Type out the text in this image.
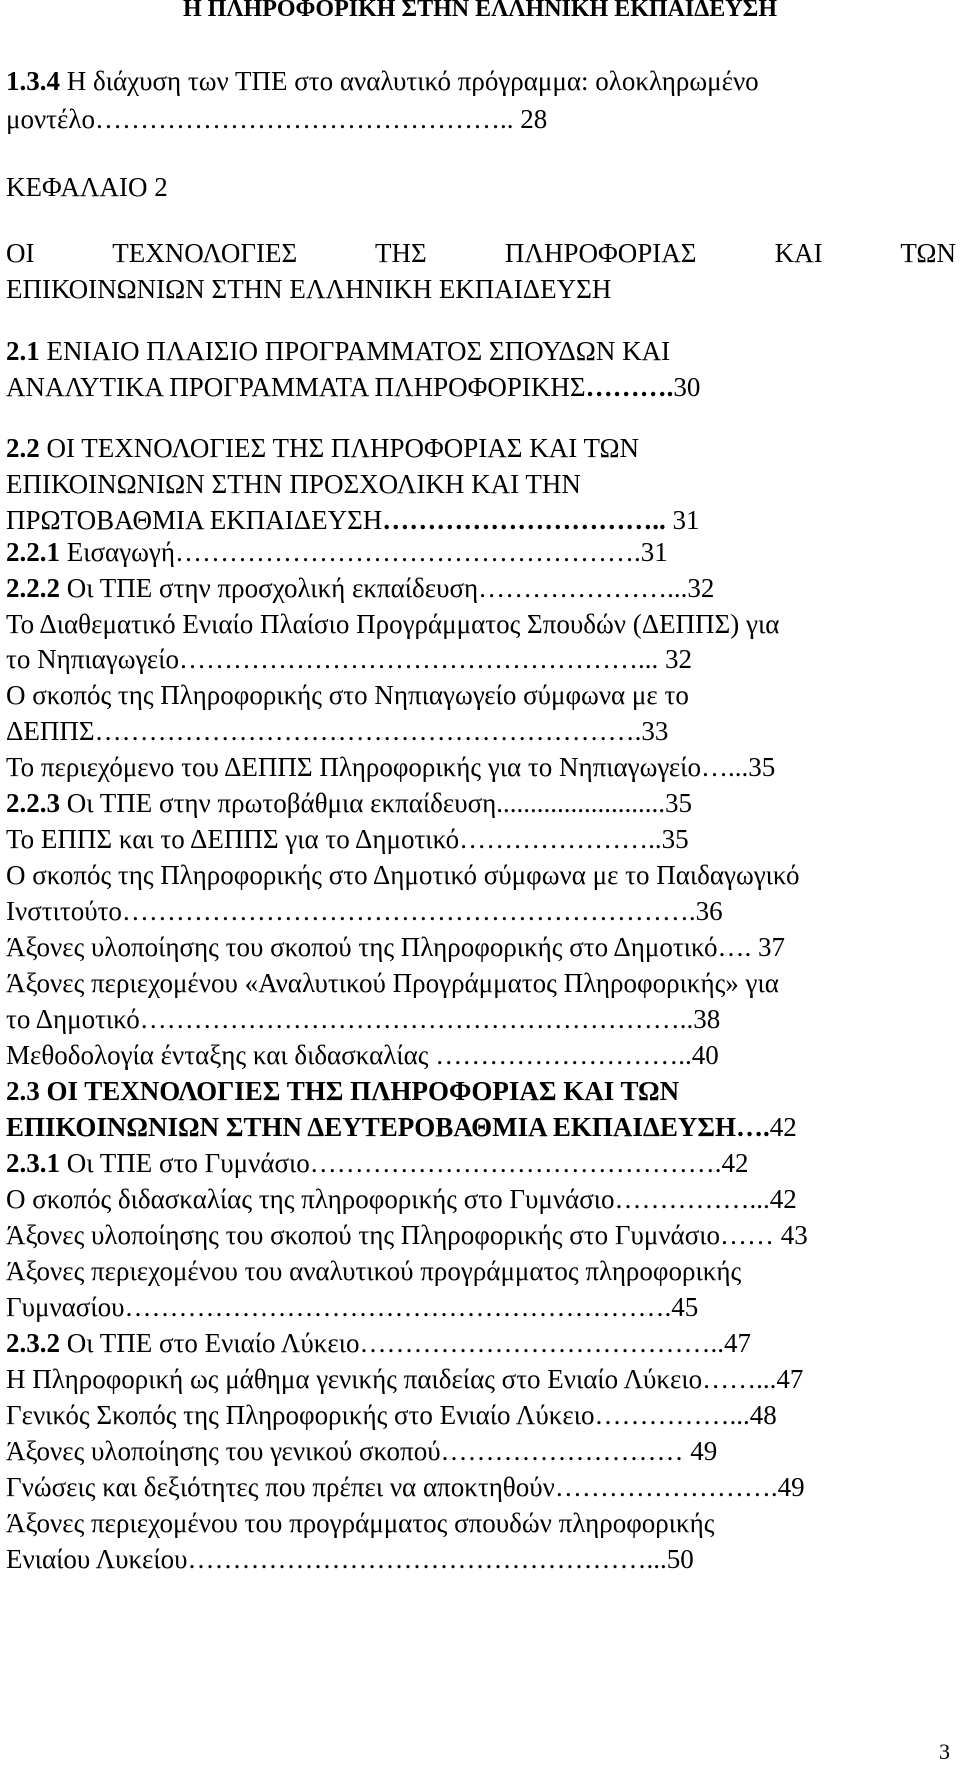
Η ΠΛΗΡΟΦΟΡΙΚΗ ΣΤΗΝ ΕΛΛΗΝΙΚΗ ΕΚΠΑΙΔΕΥΣΗ
1.3.4 Η διάχυση των ΤΠΕ στο αναλυτικό πρόγραμμα: ολοκληρωμένο
μοντέλο……………………………………….. 28
ΚΕΦΑΛΑΙΟ 2
ΟΙ ΤΕΧΝΟΛΟΓΙΕΣ ΤΗΣ ΠΛΗΡΟΦΟΡΙΑΣ ΚΑΙ ΤΩΝ
ΕΠΙΚΟΙΝΩΝΙΩΝ ΣΤΗΝ ΕΛΛΗΝΙΚΗ ΕΚΠΑΙΔΕΥΣΗ
2.1 ΕΝΙΑΙΟ ΠΛΑΙΣΙΟ ΠΡΟΓΡΑΜΜΑΤΟΣ ΣΠΟΥΔΩΝ ΚΑΙ
ΑΝΑΛΥΤΙΚΑ ΠΡΟΓΡΑΜΜΑΤΑ ΠΛΗΡΟΦΟΡΙΚΗΣ……….30
2.2 ΟΙ ΤΕΧΝΟΛΟΓΙΕΣ ΤΗΣ ΠΛΗΡΟΦΟΡΙΑΣ ΚΑΙ ΤΩΝ
ΕΠΙΚΟΙΝΩΝΙΩΝ ΣΤΗΝ ΠΡΟΣΧΟΛΙΚΗ ΚΑΙ ΤΗΝ
ΠΡΩΤΟΒΑΘΜΙΑ ΕΚΠΑΙΔΕΥΣΗ………………………….. 31
2.2.1 Εισαγωγή…………………………………………….31
2.2.2 Οι ΤΠΕ στην προσχολική εκπαίδευση…………………...32
Το Διαθεματικό Ενιαίο Πλαίσιο Προγράμματος Σπουδών (ΔΕΠΠΣ) για
το Νηπιαγωγείο……………………………………………... 32
Ο σκοπός της Πληροφορικής στο Νηπιαγωγείο σύμφωνα με το
ΔΕΠΠΣ…………………………………………………….33
Το περιεχόμενο του ΔΕΠΠΣ Πληροφορικής για το Νηπιαγωγείο…...35
2.2.3 Οι ΤΠΕ στην πρωτοβάθμια εκπαίδευση.........................35
Το ΕΠΠΣ και το ΔΕΠΠΣ για το Δημοτικό…………………..35
Ο σκοπός της Πληροφορικής στο Δημοτικό σύμφωνα με το Παιδαγωγικό
Ινστιτούτο……………………………………………………….36
Άξονες υλοποίησης του σκοπού της Πληροφορικής στο Δημοτικό…. 37
Άξονες περιεχομένου «Αναλυτικού Προγράμματος Πληροφορικής» για
το Δημοτικό……………………………………………………..38
Μεθοδολογία ένταξης και διδασκαλίας ………………………..40
2.3 ΟΙ ΤΕΧΝΟΛΟΓΙΕΣ ΤΗΣ ΠΛΗΡΟΦΟΡΙΑΣ ΚΑΙ ΤΩΝ
ΕΠΙΚΟΙΝΩΝΙΩΝ ΣΤΗΝ ΔΕΥΤΕΡΟΒΑΘΜΙΑ ΕΚΠΑΙΔΕΥΣΗ….42
2.3.1 Οι ΤΠΕ στο Γυμνάσιο……………………………………….42
Ο σκοπός διδασκαλίας της πληροφορικής στο Γυμνάσιο……………...42
Άξονες υλοποίησης του σκοπού της Πληροφορικής στο Γυμνάσιο…… 43
Άξονες περιεχομένου του αναλυτικού προγράμματος πληροφορικής
Γυμνασίου…………………………………………………….45
2.3.2 Οι ΤΠΕ στο Ενιαίο Λύκειο…………………………………..47
Η Πληροφορική ως μάθημα γενικής παιδείας στο Ενιαίο Λύκειο……...47
Γενικός Σκοπός της Πληροφορικής στο Ενιαίο Λύκειο……………...48
Άξονες υλοποίησης του γενικού σκοπού……………………… 49
Γνώσεις και δεξιότητες που πρέπει να αποκτηθούν…………………….49
Άξονες περιεχομένου του προγράμματος σπουδών πληροφορικής
Ενιαίου Λυκείου……………………………………………...50
3
